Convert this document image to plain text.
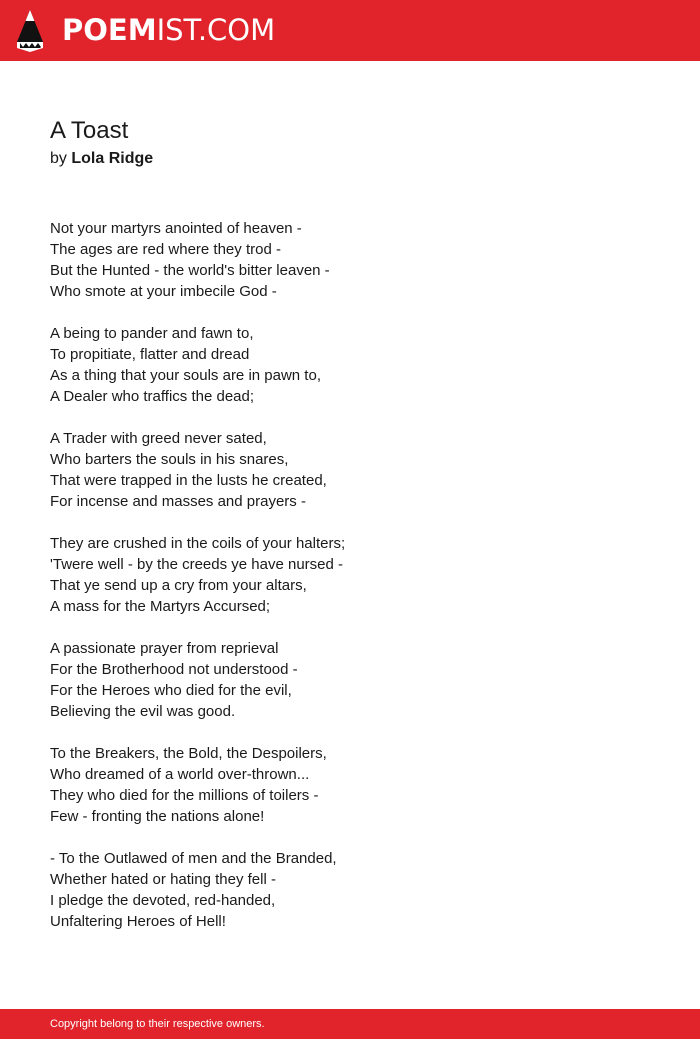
POEMIST.COM
A Toast
by Lola Ridge
Not your martyrs anointed of heaven -
The ages are red where they trod -
But the Hunted - the world's bitter leaven -
Who smote at your imbecile God -
A being to pander and fawn to,
To propitiate, flatter and dread
As a thing that your souls are in pawn to,
A Dealer who traffics the dead;
A Trader with greed never sated,
Who barters the souls in his snares,
That were trapped in the lusts he created,
For incense and masses and prayers -
They are crushed in the coils of your halters;
'Twere well - by the creeds ye have nursed -
That ye send up a cry from your altars,
A mass for the Martyrs Accursed;
A passionate prayer from reprieval
For the Brotherhood not understood -
For the Heroes who died for the evil,
Believing the evil was good.
To the Breakers, the Bold, the Despoilers,
Who dreamed of a world over-thrown...
They who died for the millions of toilers -
Few - fronting the nations alone!
- To the Outlawed of men and the Branded,
Whether hated or hating they fell -
I pledge the devoted, red-handed,
Unfaltering Heroes of Hell!
Copyright belong to their respective owners.
